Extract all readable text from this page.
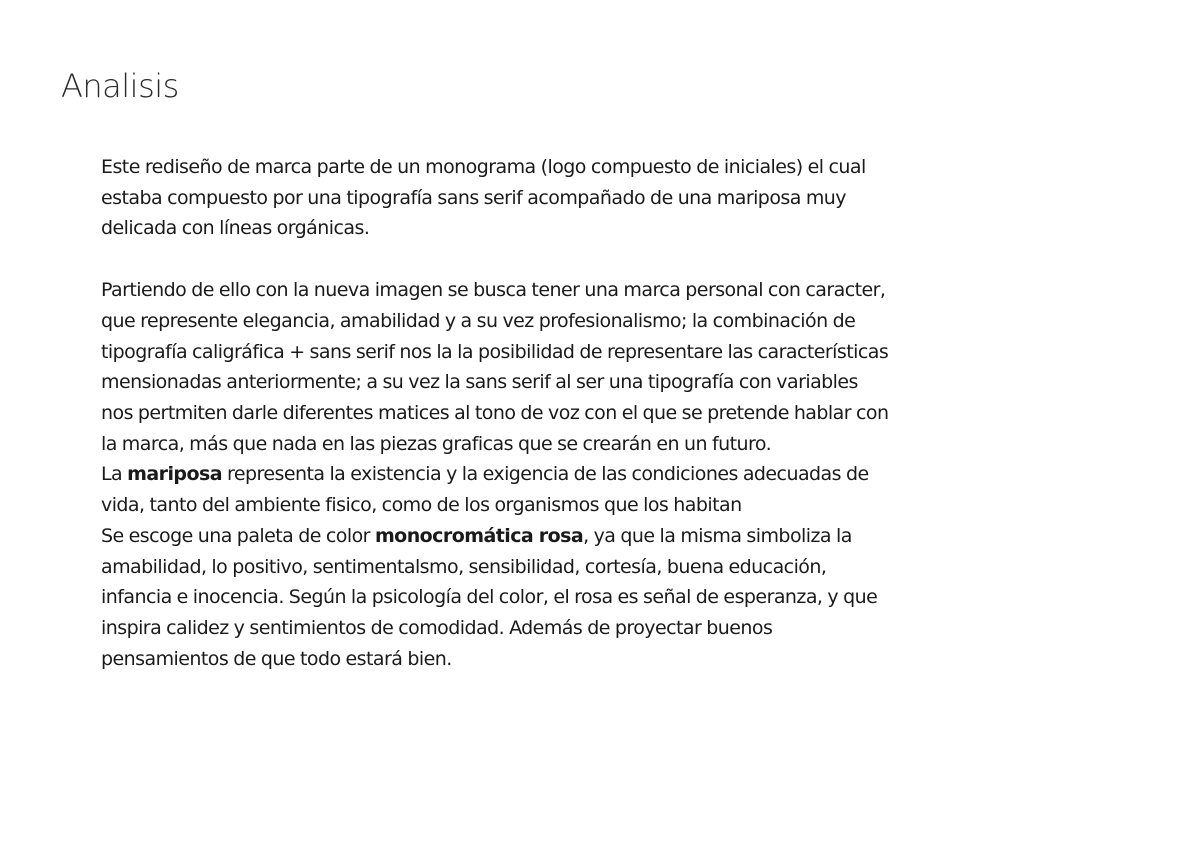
Analisis
Este rediseño de marca parte de un monograma (logo compuesto de iniciales) el cual
estaba compuesto por una tipografía sans serif acompañado de una mariposa muy
delicada con líneas orgánicas.
Partiendo de ello con la nueva imagen se busca tener una marca personal con caracter,
que represente elegancia, amabilidad y a su vez profesionalismo; la combinación de
tipografía caligráfica + sans serif nos la la posibilidad de representare las características
mensionadas anteriormente; a su vez la sans serif al ser una tipografía con variables
nos pertmiten darle diferentes matices al tono de voz con el que se pretende hablar con
la marca, más que nada en las piezas graficas que se crearán en un futuro.
La mariposa representa la existencia y la exigencia de las condiciones adecuadas de
vida, tanto del ambiente fisico, como de los organismos que los habitan
Se escoge una paleta de color monocromática rosa, ya que la misma simboliza la
amabilidad, lo positivo, sentimentalsmo, sensibilidad, cortesía, buena educación,
infancia e inocencia. Según la psicología del color, el rosa es señal de esperanza, y que
inspira calidez y sentimientos de comodidad. Además de proyectar buenos
pensamientos de que todo estará bien.
